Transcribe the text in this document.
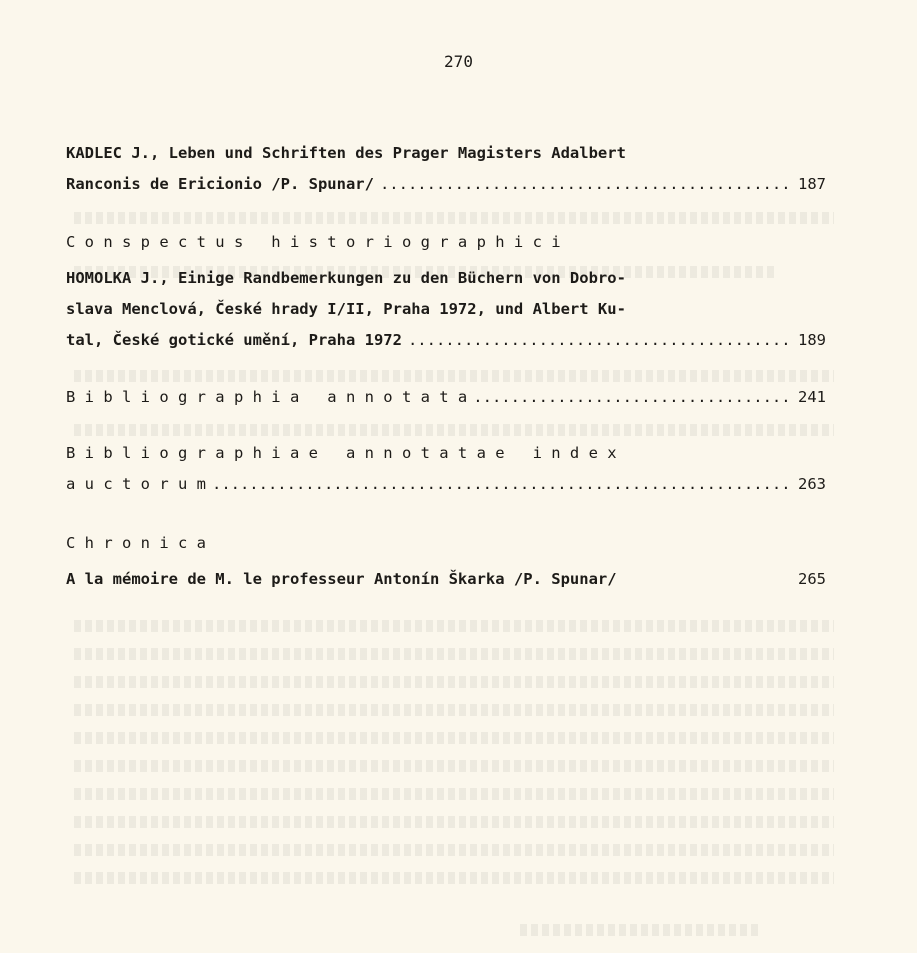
270
KADLEC J., Leben und Schriften des Prager Magisters Adalbert
Ranconis de Ericionio /P. Spunar/ .....	187
C o n s p e c t u s   h i s t o r i o g r a p h i c i
HOMOLKA J., Einige Randbemerkungen zu den Büchern von Dobro-
slava Menclová, České hrady I/II, Praha 1972, und Albert Ku-
tal, České gotické umění, Praha 1972 .....	189
B i b l i o g r a p h i a   a n n o t a t a .....	241
B i b l i o g r a p h i a e   a n n o t a t a e   i n d e x
a u c t o r u m .....	263
C h r o n i c a
A la mémoire de M. le professeur Antonín Škarka /P. Spunar/	265
